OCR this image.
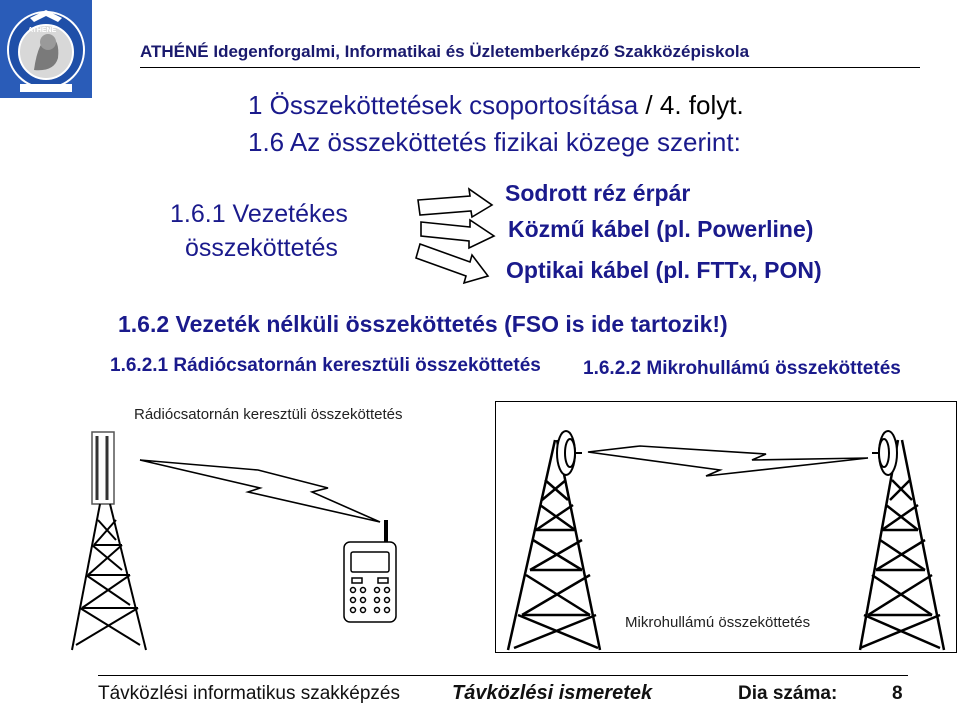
ATHÉNÉ
ATHÉNÉ Idegenforgalmi, Informatikai és Üzletemberképző Szakközépiskola
1 Összeköttetések csoportosítása / 4. folyt.
1.6 Az összeköttetés fizikai közege szerint:
1.6.1 Vezetékes
összeköttetés
Sodrott réz érpár
Közmű kábel (pl. Powerline)
Optikai kábel (pl. FTTx, PON)
1.6.2 Vezeték nélküli összeköttetés (FSO is ide tartozik!)
1.6.2.1 Rádiócsatornán keresztüli összeköttetés 1.6.2.2 Mikrohullámú összeköttetés
Rádiócsatornán keresztüli összeköttetés
Mikrohullámú összeköttetés
Távközlési informatikus szakképzés	Távközlési ismeretek	Dia száma:	8
